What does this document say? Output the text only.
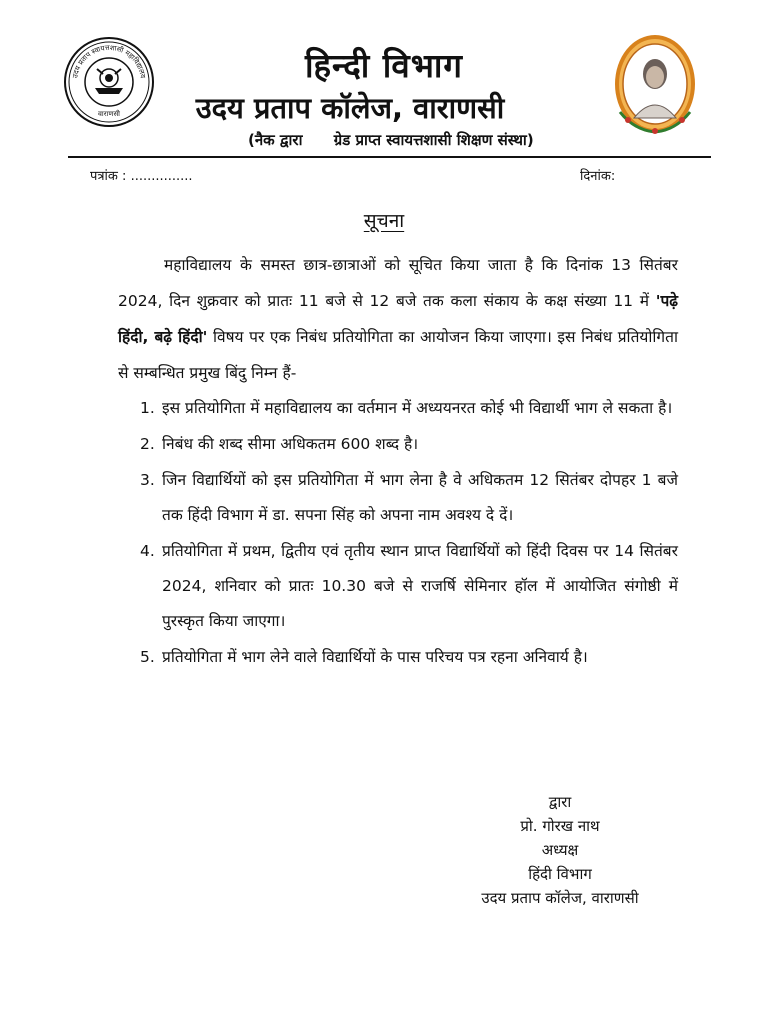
उदय प्रताप स्वायत्तशासी महाविद्यालय
वाराणसी
हिन्दी विभाग
उदय प्रताप कॉलेज, वाराणसी
(नैक द्वारा      ग्रेड प्राप्त स्वायत्तशासी शिक्षण संस्था)
पत्रांक : ...............	दिनांक:
सूचना
महाविद्यालय के समस्त छात्र-छात्राओं को सूचित किया जाता है कि दिनांक 13 सितंबर 2024, दिन शुक्रवार को प्रातः 11 बजे से 12 बजे तक कला संकाय के कक्ष संख्या 11 में 'पढ़े हिंदी, बढ़े हिंदी' विषय पर एक निबंध प्रतियोगिता का आयोजन किया जाएगा। इस निबंध प्रतियोगिता से सम्बन्धित प्रमुख बिंदु निम्न हैं-
1. इस प्रतियोगिता में महाविद्यालय का वर्तमान में अध्ययनरत कोई भी विद्यार्थी भाग ले सकता है।
2. निबंध की शब्द सीमा अधिकतम 600 शब्द है।
3. जिन विद्यार्थियों को इस प्रतियोगिता में भाग लेना है वे अधिकतम 12 सितंबर दोपहर 1 बजे तक हिंदी विभाग में डा. सपना सिंह को अपना नाम अवश्य दे दें।
4. प्रतियोगिता में प्रथम, द्वितीय एवं तृतीय स्थान प्राप्त विद्यार्थियों को हिंदी दिवस पर 14 सितंबर 2024, शनिवार को प्रातः 10.30 बजे से राजर्षि सेमिनार हॉल में आयोजित संगोष्ठी में पुरस्कृत किया जाएगा।
5. प्रतियोगिता में भाग लेने वाले विद्यार्थियों के पास परिचय पत्र रहना अनिवार्य है।
द्वारा
प्रो. गोरख नाथ
अध्यक्ष
हिंदी विभाग
उदय प्रताप कॉलेज, वाराणसी
